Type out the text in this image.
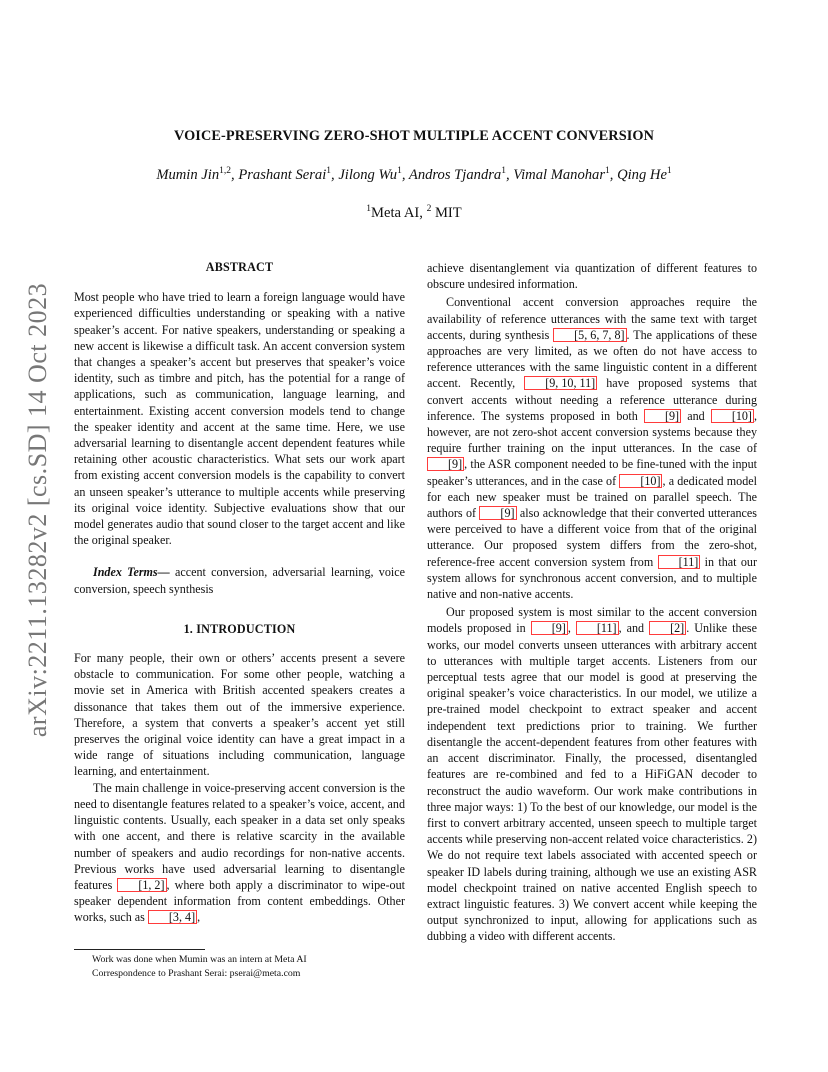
arXiv:2211.13282v2 [cs.SD] 14 Oct 2023
VOICE-PRESERVING ZERO-SHOT MULTIPLE ACCENT CONVERSION
Mumin Jin$^{1,2}$, Prashant Serai$^1$, Jilong Wu$^1$, Andros Tjandra$^1$, Vimal Manohar$^1$, Qing He$^1$
$^1$Meta AI, $^2$ MIT
ABSTRACT

Most people who have tried to learn a foreign language would have experienced difficulties understanding or speaking with a native speaker’s accent. For native speakers, understanding or speaking a new accent is likewise a difficult task. An accent conversion system that changes a speaker’s accent but preserves that speaker’s voice identity, such as timbre and pitch, has the potential for a range of applications, such as communication, language learning, and entertainment. Existing accent conversion models tend to change the speaker identity and accent at the same time. Here, we use adversarial learning to disentangle accent dependent features while retaining other acoustic characteristics. What sets our work apart from existing accent conversion models is the capability to convert an unseen speaker’s utterance to multiple accents while preserving its original voice identity. Subjective evaluations show that our model generates audio that sound closer to the target accent and like the original speaker.

Index Terms— accent conversion, adversarial learning, voice conversion, speech synthesis

1. INTRODUCTION

For many people, their own or others’ accents present a severe obstacle to communication. For some other people, watching a movie set in America with British accented speakers creates a dissonance that takes them out of the immersive experience. Therefore, a system that converts a speaker’s accent yet still preserves the original voice identity can have a great impact in a wide range of situations including communication, language learning, and entertainment.

The main challenge in voice-preserving accent conversion is the need to disentangle features related to a speaker’s voice, accent, and linguistic contents. Usually, each speaker in a data set only speaks with one accent, and there is relative scarcity in the available number of speakers and audio recordings for non-native accents. Previous works have used adversarial learning to disentangle features [1, 2] , where both apply a discriminator to wipe-out speaker dependent information from content embeddings. Other works, such as [3, 4] ,

achieve disentanglement via quantization of different features to obscure undesired information.

Conventional accent conversion approaches require the availability of reference utterances with the same text with target accents, during synthesis [5, 6, 7, 8] . The applications of these approaches are very limited, as we often do not have access to reference utterances with the same linguistic content in a different accent. Recently, [9, 10, 11] have proposed systems that convert accents without needing a reference utterance during inference. The systems proposed in both [9] and [10] , however, are not zero-shot accent conversion systems because they require further training on the input utterances. In the case of [9] , the ASR component needed to be fine-tuned with the input speaker’s utterances, and in the case of [10] , a dedicated model for each new speaker must be trained on parallel speech. The authors of [9] also acknowledge that their converted utterances were perceived to have a different voice from that of the original utterance. Our proposed system differs from the zero-shot, reference-free accent conversion system from [11] in that our system allows for synchronous accent conversion, and to multiple native and non-native accents.

Our proposed system is most similar to the accent conversion models proposed in [9] , [11] , and [2] . Unlike these works, our model converts unseen utterances with arbitrary accent to utterances with multiple target accents. Listeners from our perceptual tests agree that our model is good at preserving the original speaker’s voice characteristics. In our model, we utilize a pre-trained model checkpoint to extract speaker and accent independent text predictions prior to training. We further disentangle the accent-dependent features from other features with an accent discriminator. Finally, the processed, disentangled features are re-combined and fed to a HiFiGAN decoder to reconstruct the audio waveform. Our work make contributions in three major ways: 1) To the best of our knowledge, our model is the first to convert arbitrary accented, unseen speech to multiple target accents while preserving non-accent related voice characteristics. 2) We do not require text labels associated with accented speech or speaker ID labels during training, although we use an existing ASR model checkpoint trained on native accented English speech to extract linguistic features. 3) We convert accent while keeping the output synchronized to input, allowing for applications such as dubbing a video with different accents.

Work was done when Mumin was an intern at Meta AI
Correspondence to Prashant Serai: pserai@meta.com
